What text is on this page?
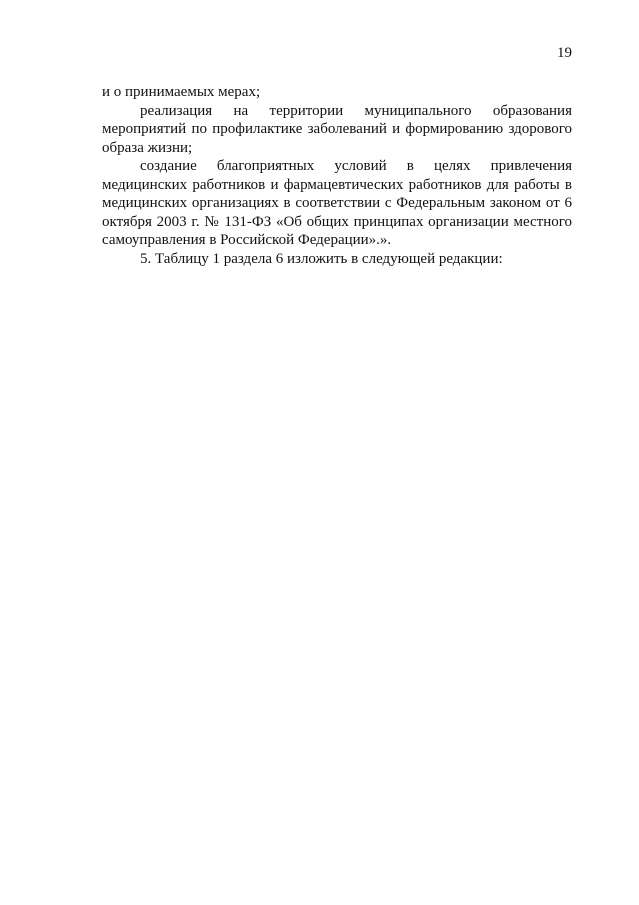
19

и о принимаемых мерах;

реализация на территории муниципального образования мероприятий по профилактике заболеваний и формированию здорового образа жизни;

создание благоприятных условий в целях привлечения медицинских работников и фармацевтических работников для работы в медицинских организациях в соответствии с Федеральным законом от 6 октября 2003 г. № 131-ФЗ «Об общих принципах организации местного самоуправления в Российской Федерации».».

5. Таблицу 1 раздела 6 изложить в следующей редакции:
